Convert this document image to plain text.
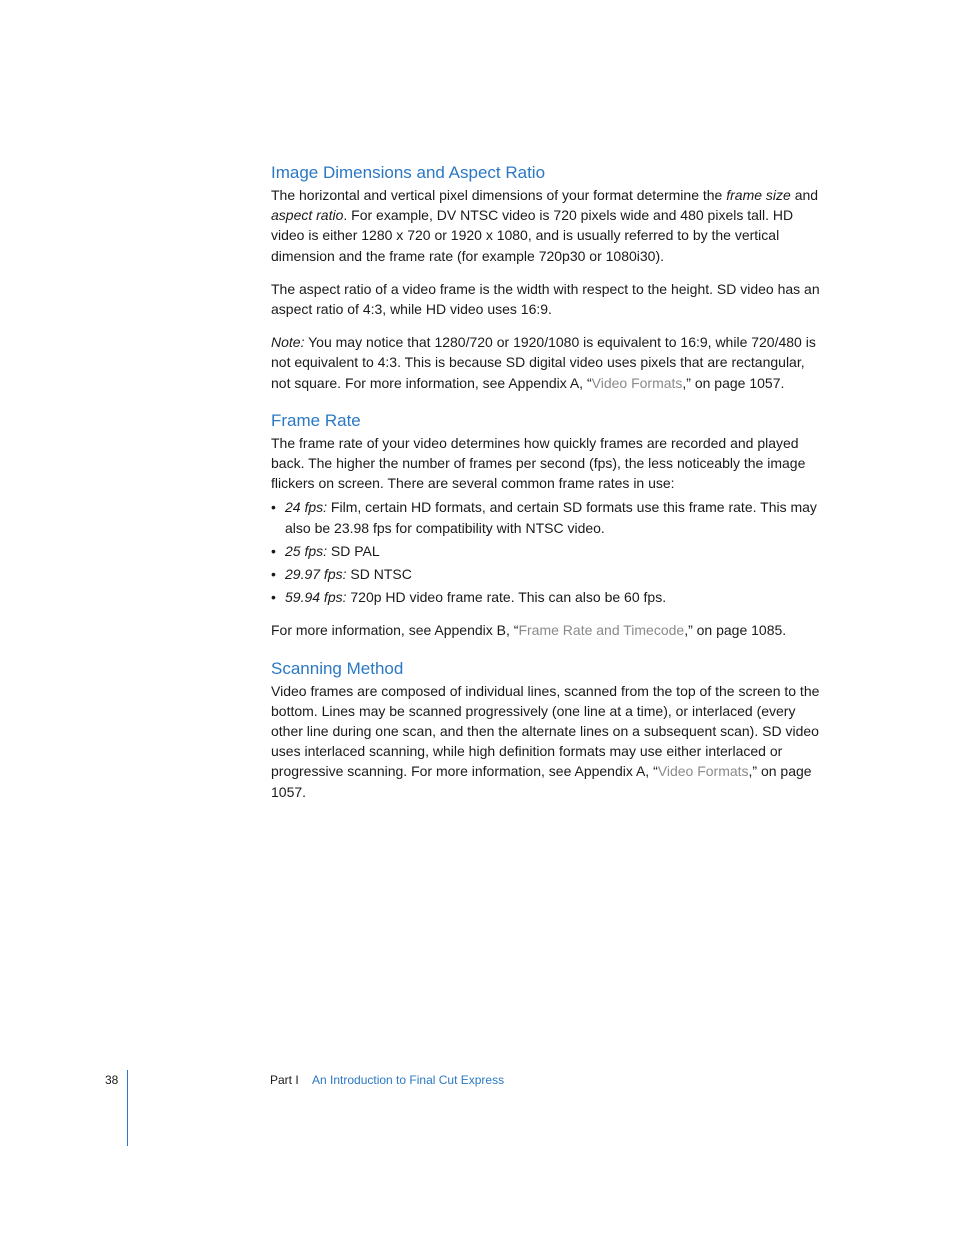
Image Dimensions and Aspect Ratio

The horizontal and vertical pixel dimensions of your format determine the frame size and aspect ratio. For example, DV NTSC video is 720 pixels wide and 480 pixels tall. HD video is either 1280 x 720 or 1920 x 1080, and is usually referred to by the vertical dimension and the frame rate (for example 720p30 or 1080i30).

The aspect ratio of a video frame is the width with respect to the height. SD video has an aspect ratio of 4:3, while HD video uses 16:9.

Note: You may notice that 1280/720 or 1920/1080 is equivalent to 16:9, while 720/480 is not equivalent to 4:3. This is because SD digital video uses pixels that are rectangular, not square. For more information, see Appendix A, “Video Formats,” on page 1057.

Frame Rate

The frame rate of your video determines how quickly frames are recorded and played back. The higher the number of frames per second (fps), the less noticeably the image flickers on screen. There are several common frame rates in use:

• 24 fps: Film, certain HD formats, and certain SD formats use this frame rate. This may also be 23.98 fps for compatibility with NTSC video.
• 25 fps: SD PAL
• 29.97 fps: SD NTSC
• 59.94 fps: 720p HD video frame rate. This can also be 60 fps.

For more information, see Appendix B, “Frame Rate and Timecode,” on page 1085.

Scanning Method

Video frames are composed of individual lines, scanned from the top of the screen to the bottom. Lines may be scanned progressively (one line at a time), or interlaced (every other line during one scan, and then the alternate lines on a subsequent scan). SD video uses interlaced scanning, while high definition formats may use either interlaced or progressive scanning. For more information, see Appendix A, “Video Formats,” on page 1057.

38	Part I An Introduction to Final Cut Express
